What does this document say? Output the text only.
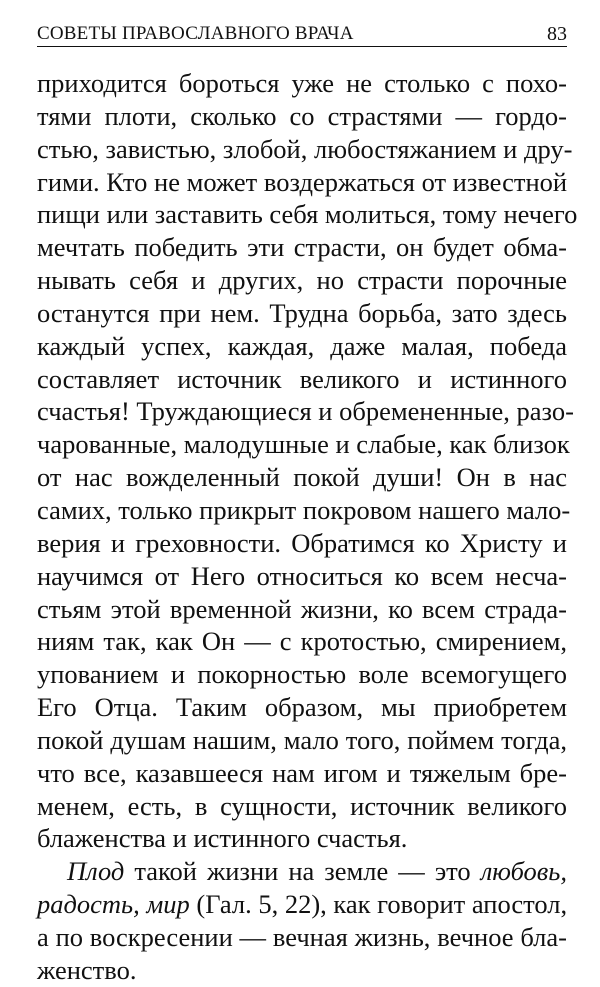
СОВЕТЫ ПРАВОСЛАВНОГО ВРАЧА	83
приходится бороться уже не столько с похо-
тями плоти, сколько со страстями — гордо-
стью, завистью, злобой, любостяжанием и дру-
гими. Кто не может воздержаться от известной
пищи или заставить себя молиться, тому нечего
мечтать победить эти страсти, он будет обма-
нывать себя и других, но страсти порочные
останутся при нем. Трудна борьба, зато здесь
каждый успех, каждая, даже малая, победа
составляет источник великого и истинного
счастья! Труждающиеся и обремененные, разо-
чарованные, малодушные и слабые, как близок
от нас вожделенный покой души! Он в нас
самих, только прикрыт покровом нашего мало-
верия и греховности. Обратимся ко Христу и
научимся от Него относиться ко всем несча-
стьям этой временной жизни, ко всем страда-
ниям так, как Он — с кротостью, смирением,
упованием и покорностью воле всемогущего
Его Отца. Таким образом, мы приобретем
покой душам нашим, мало того, поймем тогда,
что все, казавшееся нам игом и тяжелым бре-
менем, есть, в сущности, источник великого
блаженства и истинного счастья.
Плод такой жизни на земле — это любовь,
радость, мир (Гал. 5, 22), как говорит апостол,
а по воскресении — вечная жизнь, вечное бла-
женство.
